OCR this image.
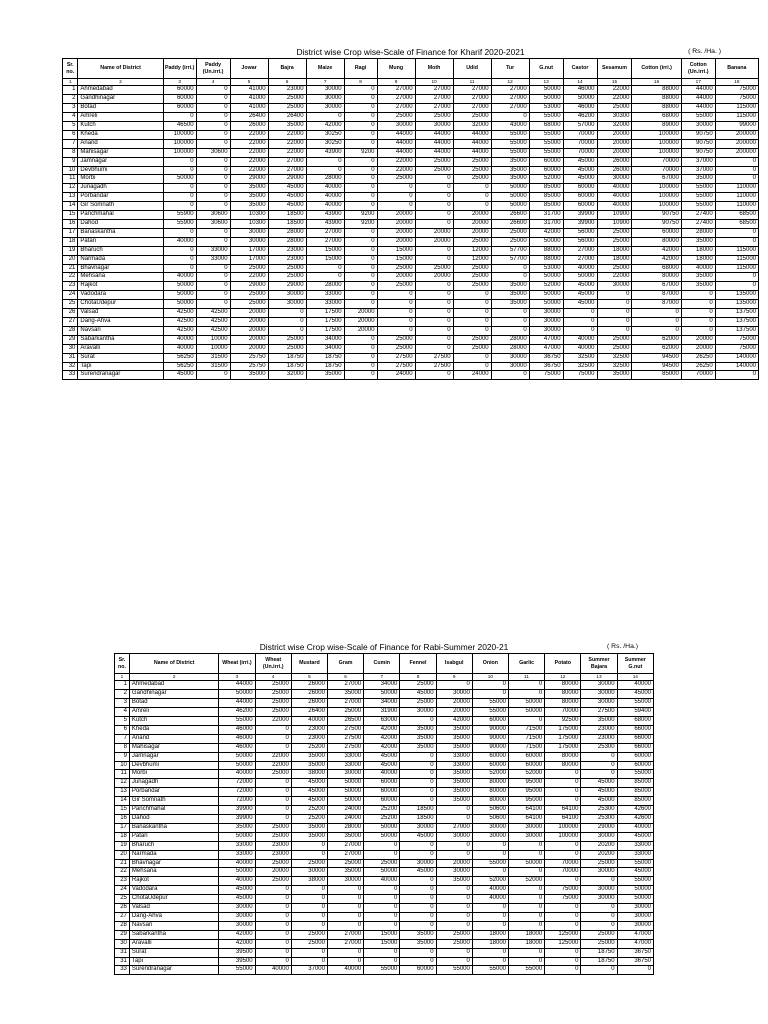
District wise Crop wise-Scale of Finance for Kharif 2020-2021	( Rs. /Ha. )
Sr. no.	Name of District	Paddy (irri.)	Paddy (Un.irri.)	Jowar	Bajra	Maize	Ragi	Mung	Moth	Udid	Tur	G.nut	Castor	Sesamum	Cotton (irri.)	Cotton (Un.irri.)	Banana
1	2	3	4	5	6	7	8	9	10	11	12	13	14	15	16	17	18
1	Ahmedabad	60000	0	41000	23000	30000	0	27000	27000	27000	27000	50000	46000	22000	88000	44000	75000
2	Gandhinagar	60000	0	41000	25000	30000	0	27000	27000	27000	27000	50000	50000	22000	88000	44000	75000
3	Botad	60000	0	41000	25000	30000	0	27000	27000	27000	27000	53000	46000	25000	88000	44000	115000
4	Amreli	0	0	26400	26400	0	0	25000	25000	25000	0	55000	46200	30300	68000	55000	115000
5	Kutch	46500	0	26000	35000	42000	0	30000	30000	32000	43000	68000	57000	32000	89000	30000	99000
6	Kheda	100000	0	22000	22000	30250	0	44000	44000	44000	55000	55000	70000	20000	100000	90750	200000
7	Anand	100000	0	22000	22000	30250	0	44000	44000	44000	55000	55000	70000	20000	100000	90750	200000
8	Mahisagar	100000	30600	22000	22000	43900	9200	44000	44000	44000	55000	55000	70000	20000	100000	90750	200000
9	Jamnagar	0	0	22000	27000	0	0	22000	25000	25000	35000	60000	45000	26000	70000	37000	0
10	Devbhumi	0	0	22000	27000	0	0	22000	25000	25000	35000	60000	45000	26000	70000	37000	0
11	Morbi	50000	0	29000	29000	28000	0	25000	0	25000	35000	52000	45000	30000	67000	35000	0
12	Junagadh	0	0	35000	45000	40000	0	0	0	0	50000	85000	60000	40000	100000	55000	110000
13	Porbandar	0	0	35000	45000	40000	0	0	0	0	50000	85000	60000	40000	100000	55000	110000
14	Gir Somnath	0	0	35000	45000	40000	0	0	0	0	50000	85000	60000	40000	100000	55000	110000
15	Panchmahal	55900	30600	10300	18500	43900	9200	20000	0	20000	26600	31700	39900	10900	90750	27400	68500
16	Dahod	55900	30600	10300	18500	43900	9200	20000	0	20000	26600	31700	39900	10900	90750	27400	68500
17	Banaskantha	0	0	30000	28000	27000	0	20000	20000	20000	25000	42000	56000	25000	60000	28000	0
18	Patan	40000	0	30000	28000	27000	0	20000	20000	25000	25000	50000	56000	25000	80000	35000	0
19	Bharuch	0	33000	17000	23000	15000	0	15000	0	12000	57700	88000	27000	18000	42000	18000	115000
20	Narmada	0	33000	17000	23000	15000	0	15000	0	12000	57700	88000	27000	18000	42000	18000	115000
21	Bhavnagar	0	0	25000	25000	0	0	25000	25000	25000	0	53000	40000	25000	68000	40000	115000
22	Mehsana	40000	0	22000	25000	0	0	20000	20000	25000	0	50000	50000	22000	80000	35000	0
23	Rajkot	50000	0	29000	29000	28000	0	25000	0	25000	35000	52000	45000	30000	67000	35000	0
24	Vadodara	50000	0	25000	30000	33000	0	0	0	0	35000	50000	45000	0	87000	0	135000
25	ChotaUdepur	50000	0	25000	30000	33000	0	0	0	0	35000	50000	45000	0	87000	0	135000
26	Valsad	42500	42500	20000	0	17500	20000	0	0	0	0	30000	0	0	0	0	137500
27	Dang-Ahva	42500	42500	20000	0	17500	20000	0	0	0	0	30000	0	0	0	0	137500
28	Navsari	42500	42500	20000	0	17500	20000	0	0	0	0	30000	0	0	0	0	137500
29	Sabarkantha	40000	10000	20000	25000	34000	0	25000	0	25000	28000	47000	40000	25000	62000	20000	75000
30	Aravalli	40000	10000	20000	25000	34000	0	25000	0	25000	28000	47000	40000	25000	62000	20000	75000
31	Surat	56250	31500	25750	18750	18750	0	27500	27500	0	30000	36750	32500	32500	94500	26250	140000
32	Tapi	56250	31500	25750	18750	18750	0	27500	27500	0	30000	36750	32500	32500	94500	26250	140000
33	Surendranagar	45000	0	35000	32000	35000	0	24000	0	24000	0	75000	75000	35000	85000	70000	0
District wise Crop wise-Scale of Finance for Rabi-Summer 2020-21	( Rs. /Ha.)
Sr. no.	Name of District	Wheat (irri.)	Wheat (Un.irri.)	Mustard	Gram	Cumin	Fennel	Isabgul	Onion	Garlic	Potato	Summer Bajara	Summer G.nut
1	2	3	4	5	6	7	8	9	10	11	12	13	14
1	Ahmedabad	44000	25000	26000	27000	34000	25000	0	0	0	80000	30000	40000
2	Gandhinagar	50000	25000	26000	35000	50000	45000	30000	0	0	80000	30000	45000
3	Botad	44000	25000	26000	27000	34000	25000	20000	55000	50000	80000	30000	55000
4	Amreli	46200	25000	26400	25000	31900	30000	20000	55000	50000	70000	27500	59400
5	Kutch	55000	22000	40000	26500	63000	0	42000	60000	0	92500	35000	68000
6	Kheda	46000	0	23000	27500	42000	35000	35000	90000	71500	175000	23000	66000
7	Anand	46000	0	23000	27500	42000	35000	35000	90000	71500	175000	23000	66000
8	Mahisagar	46000	0	25200	27500	42000	35000	35000	90000	71500	175000	25300	66000
9	Jamnagar	50000	22000	35000	33000	45000	0	33000	60000	60000	80000	0	60000
10	Devbhumi	50000	22000	35000	33000	45000	0	33000	60000	60000	80000	0	60000
11	Morbi	40000	25000	38000	30000	40000	0	35000	52000	52000	0	0	55000
12	Junagadh	72000	0	45000	50000	60000	0	35000	80000	95000	0	45000	85000
13	Porbandar	72000	0	45000	50000	60000	0	35000	80000	95000	0	45000	85000
14	Gir Somnath	72000	0	45000	50000	60000	0	35000	80000	95000	0	45000	85000
15	Panchmahal	39900	0	25200	24000	25200	18500	0	50600	64100	64100	25300	42600
16	Dahod	39900	0	25200	24000	25200	18500	0	50600	64100	64100	25300	42600
17	Banaskantha	35000	25000	35000	28000	50000	30000	27000	30000	30000	100000	29000	40000
18	Patan	50000	25000	35000	35000	50000	45000	30000	30000	30000	100000	30000	45000
19	Bharuch	33000	23000	0	27000	0	0	0	0	0	0	20200	33000
20	Narmada	33000	23000	0	27000	0	0	0	0	0	0	20200	33000
21	Bhavnagar	40000	25000	25000	25000	25000	30000	20000	55000	50000	70000	25000	55000
22	Mehsana	50000	20000	30000	35000	50000	45000	30000	0	0	70000	30000	45000
23	Rajkot	40000	25000	38000	30000	40000	0	35000	52000	52000	0	0	55000
24	Vadodara	45000	0	0	0	0	0	0	40000	0	75000	30000	50000
25	ChotaUdepur	45000	0	0	0	0	0	0	40000	0	75000	30000	50000
26	Valsad	30000	0	0	0	0	0	0	0	0	0	0	30000
27	Dang-Ahva	30000	0	0	0	0	0	0	0	0	0	0	30000
28	Navsari	30000	0	0	0	0	0	0	0	0	0	0	30000
29	Sabarkantha	42000	0	25000	27000	15000	35000	25000	18000	18000	125000	25000	47000
30	Aravalli	42000	0	25000	27000	15000	35000	25000	18000	18000	125000	25000	47000
31	Surat	39500	0	0	0	0	0	0	0	0	0	18750	36750
31	Tapi	39500	0	0	0	0	0	0	0	0	0	18750	36750
33	Surendranagar	55000	40000	37000	40000	55000	60000	55000	55000	55000	0	0	0
